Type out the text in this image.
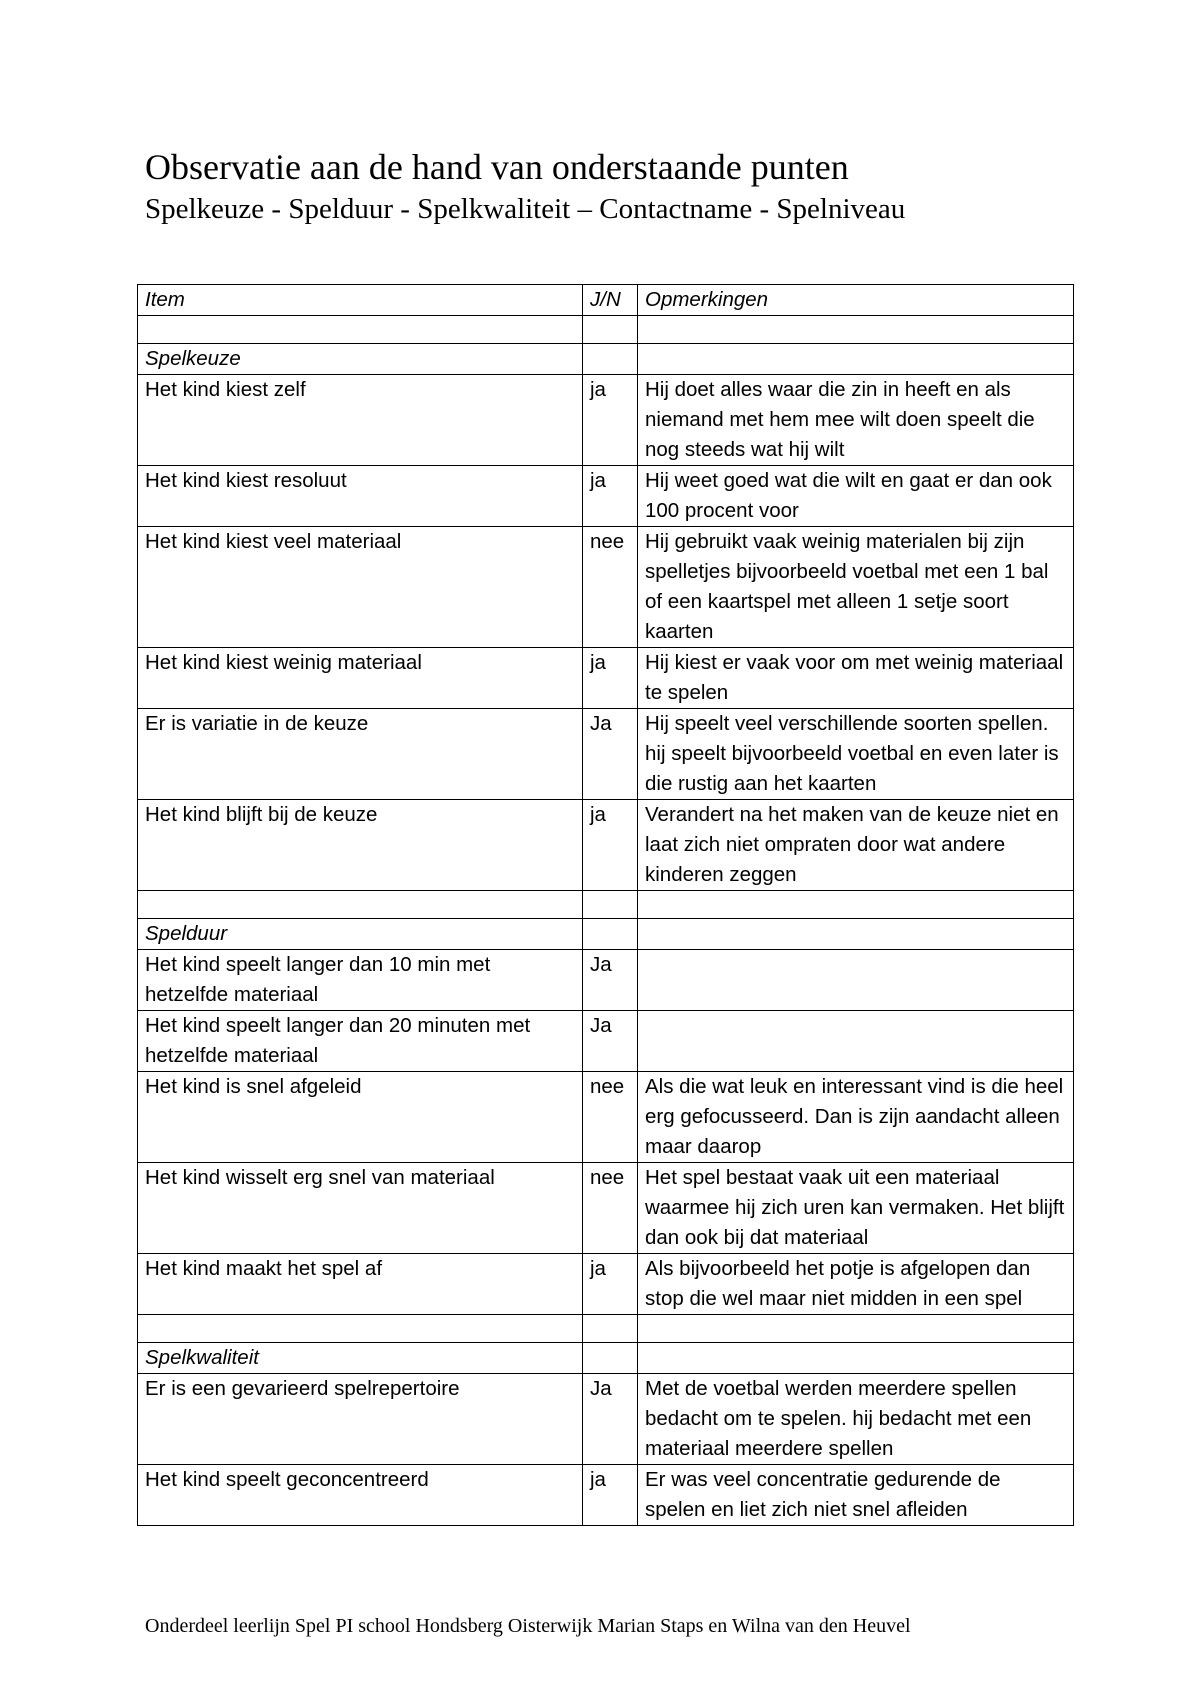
Observatie aan de hand van onderstaande punten
Spelkeuze - Spelduur - Spelkwaliteit – Contactname - Spelniveau
Item	J/N	Opmerkingen

Spelkeuze		
Het kind kiest zelf	ja	Hij doet alles waar die zin in heeft en als niemand met hem mee wilt doen speelt die nog steeds wat hij wilt
Het kind kiest resoluut	ja	Hij weet goed wat die wilt en gaat er dan ook 100 procent voor
Het kind kiest veel materiaal	nee	Hij gebruikt vaak weinig materialen bij zijn spelletjes bijvoorbeeld voetbal met een 1 bal of een kaartspel met alleen 1 setje soort kaarten
Het kind kiest weinig materiaal	ja	Hij kiest er vaak voor om met weinig materiaal te spelen
Er is variatie in de keuze	Ja	Hij speelt veel verschillende soorten spellen. hij speelt bijvoorbeeld voetbal en even later is die rustig aan het kaarten
Het kind blijft bij de keuze	ja	Verandert na het maken van de keuze niet en laat zich niet ompraten door wat andere kinderen zeggen

Spelduur		
Het kind speelt langer dan 10 min met hetzelfde materiaal	Ja	
Het kind speelt langer dan 20 minuten met hetzelfde materiaal	Ja	
Het kind is snel afgeleid	nee	Als die wat leuk en interessant vind is die heel erg gefocusseerd. Dan is zijn aandacht alleen maar daarop
Het kind wisselt erg snel van materiaal	nee	Het spel bestaat vaak uit een materiaal waarmee hij zich uren kan vermaken. Het blijft dan ook bij dat materiaal
Het kind maakt het spel af	ja	Als bijvoorbeeld het potje is afgelopen dan stop die wel maar niet midden in een spel

Spelkwaliteit		
Er is een gevarieerd spelrepertoire	Ja	Met de voetbal werden meerdere spellen bedacht om te spelen. hij bedacht met een materiaal meerdere spellen
Het kind speelt geconcentreerd	ja	Er was veel concentratie gedurende de spelen en liet zich niet snel afleiden
Onderdeel leerlijn Spel PI school Hondsberg Oisterwijk Marian Staps en Wilna van den Heuvel
